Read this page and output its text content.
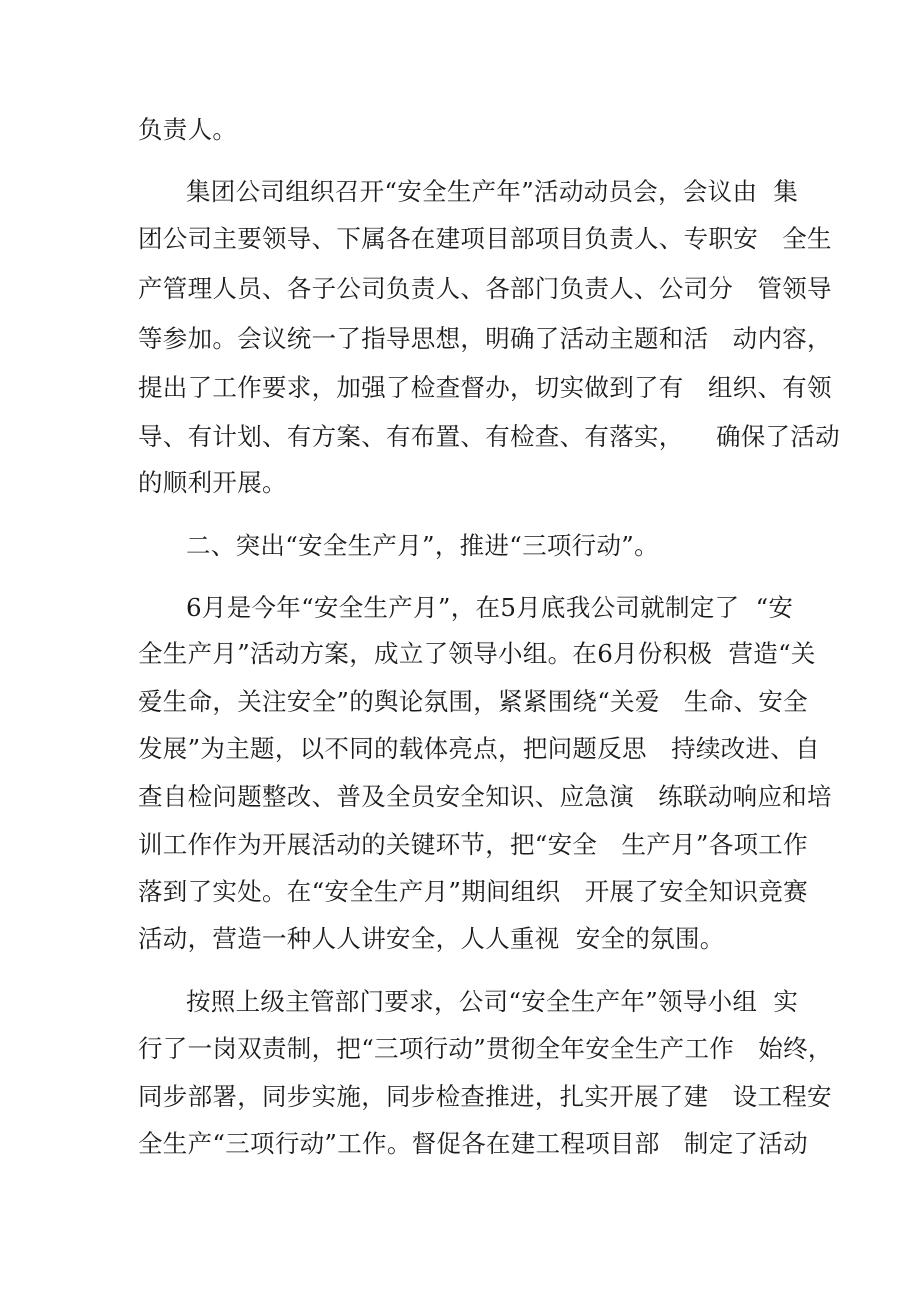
负责人。
集团公司组织召开“安全生产年”活动动员会，会议由  集
团公司主要领导、下属各在建项目部项目负责人、专职安   全生
产管理人员、各子公司负责人、各部门负责人、公司分   管领导
等参加。会议统一了指导思想，明确了活动主题和活   动内容，
提出了工作要求，加强了检查督办，切实做到了有   组织、有领
导、有计划、有方案、有布置、有检查、有落实，    确保了活动
的顺利开展。
二、突出“安全生产月”，推进“三项行动”。
6月是今年“安全生产月”，在5月底我公司就制定了  “安
全生产月”活动方案，成立了领导小组。在6月份积极  营造“关
爱生命，关注安全”的舆论氛围，紧紧围绕“关爱   生命、安全
发展”为主题，以不同的载体亮点，把问题反思   持续改进、自
查自检问题整改、普及全员安全知识、应急演   练联动响应和培
训工作作为开展活动的关键环节，把“安全   生产月”各项工作
落到了实处。在“安全生产月”期间组织   开展了安全知识竞赛
活动，营造一种人人讲安全，人人重视  安全的氛围。
按照上级主管部门要求，公司“安全生产年”领导小组  实
行了一岗双责制，把“三项行动”贯彻全年安全生产工作   始终，
同步部署，同步实施，同步检查推进，扎实开展了建   设工程安
全生产“三项行动”工作。督促各在建工程项目部   制定了活动
